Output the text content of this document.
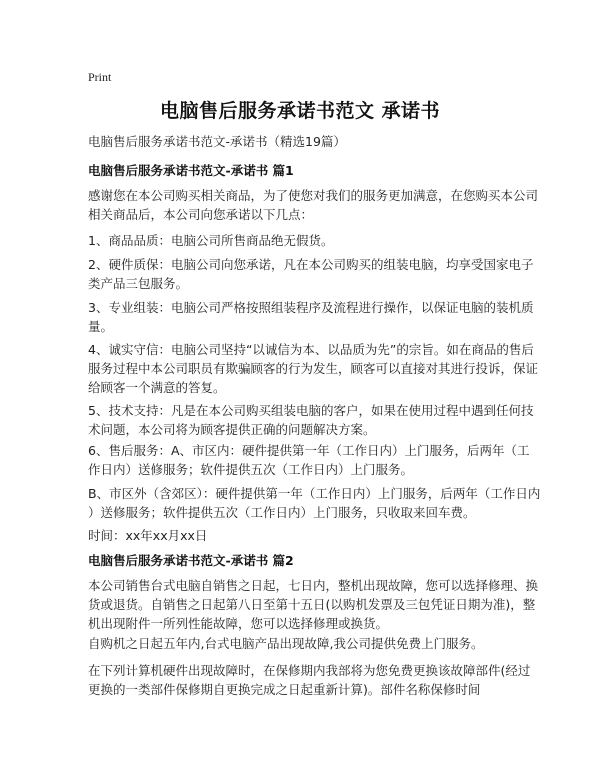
Print
电脑售后服务承诺书范文 承诺书
电脑售后服务承诺书范文-承诺书（精选19篇）
电脑售后服务承诺书范文-承诺书 篇1
感谢您在本公司购买相关商品，为了使您对我们的服务更加满意，在您购买本公司
相关商品后，本公司向您承诺以下几点：
1、商品品质：电脑公司所售商品绝无假货。
2、硬件质保：电脑公司向您承诺，凡在本公司购买的组装电脑，均享受国家电子
类产品三包服务。
3、专业组装：电脑公司严格按照组装程序及流程进行操作，以保证电脑的装机质
量。
4、诚实守信：电脑公司坚持“以诚信为本、以品质为先”的宗旨。如在商品的售后
服务过程中本公司职员有欺骗顾客的行为发生，顾客可以直接对其进行投诉，保证
给顾客一个满意的答复。
5、技术支持：凡是在本公司购买组装电脑的客户，如果在使用过程中遇到任何技
术问题，本公司将为顾客提供正确的问题解决方案。
6、售后服务：A、市区内：硬件提供第一年（工作日内）上门服务，后两年（工
作日内）送修服务；软件提供五次（工作日内）上门服务。
B、市区外（含郊区）：硬件提供第一年（工作日内）上门服务，后两年（工作日内
）送修服务；软件提供五次（工作日内）上门服务，只收取来回车费。
时间：xx年xx月xx日
电脑售后服务承诺书范文-承诺书 篇2
本公司销售台式电脑自销售之日起，七日内，整机出现故障，您可以选择修理、换
货或退货。自销售之日起第八日至第十五日(以购机发票及三包凭证日期为准)，整
机出现附件一所列性能故障，您可以选择修理或换货。
自购机之日起五年内,台式电脑产品出现故障,我公司提供免费上门服务。
在下列计算机硬件出现故障时，在保修期内我部将为您免费更换该故障部件(经过
更换的一类部件保修期自更换完成之日起重新计算)。部件名称保修时间
